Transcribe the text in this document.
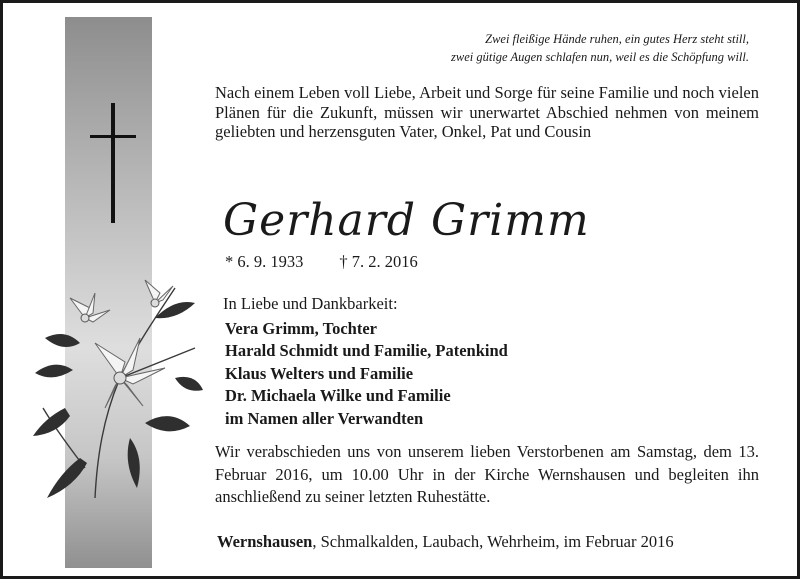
Zwei fleißige Hände ruhen, ein gutes Herz steht still,
zwei gütige Augen schlafen nun, weil es die Schöpfung will.
Nach einem Leben voll Liebe, Arbeit und Sorge für seine Familie und noch vielen Plänen für die Zukunft, müssen wir unerwartet Abschied nehmen von meinem geliebten und herzensguten Vater, Onkel, Pat und Cousin
Gerhard Grimm
* 6. 9. 1933 † 7. 2. 2016
In Liebe und Dankbarkeit:
Vera Grimm, Tochter
Harald Schmidt und Familie, Patenkind
Klaus Welters und Familie
Dr. Michaela Wilke und Familie
im Namen aller Verwandten
Wir verabschieden uns von unserem lieben Verstorbenen am Samstag, dem 13. Februar 2016, um 10.00 Uhr in der Kirche Wernshausen und begleiten ihn anschließend zu seiner letzten Ruhestätte.
Wernshausen, Schmalkalden, Laubach, Wehrheim, im Februar 2016
